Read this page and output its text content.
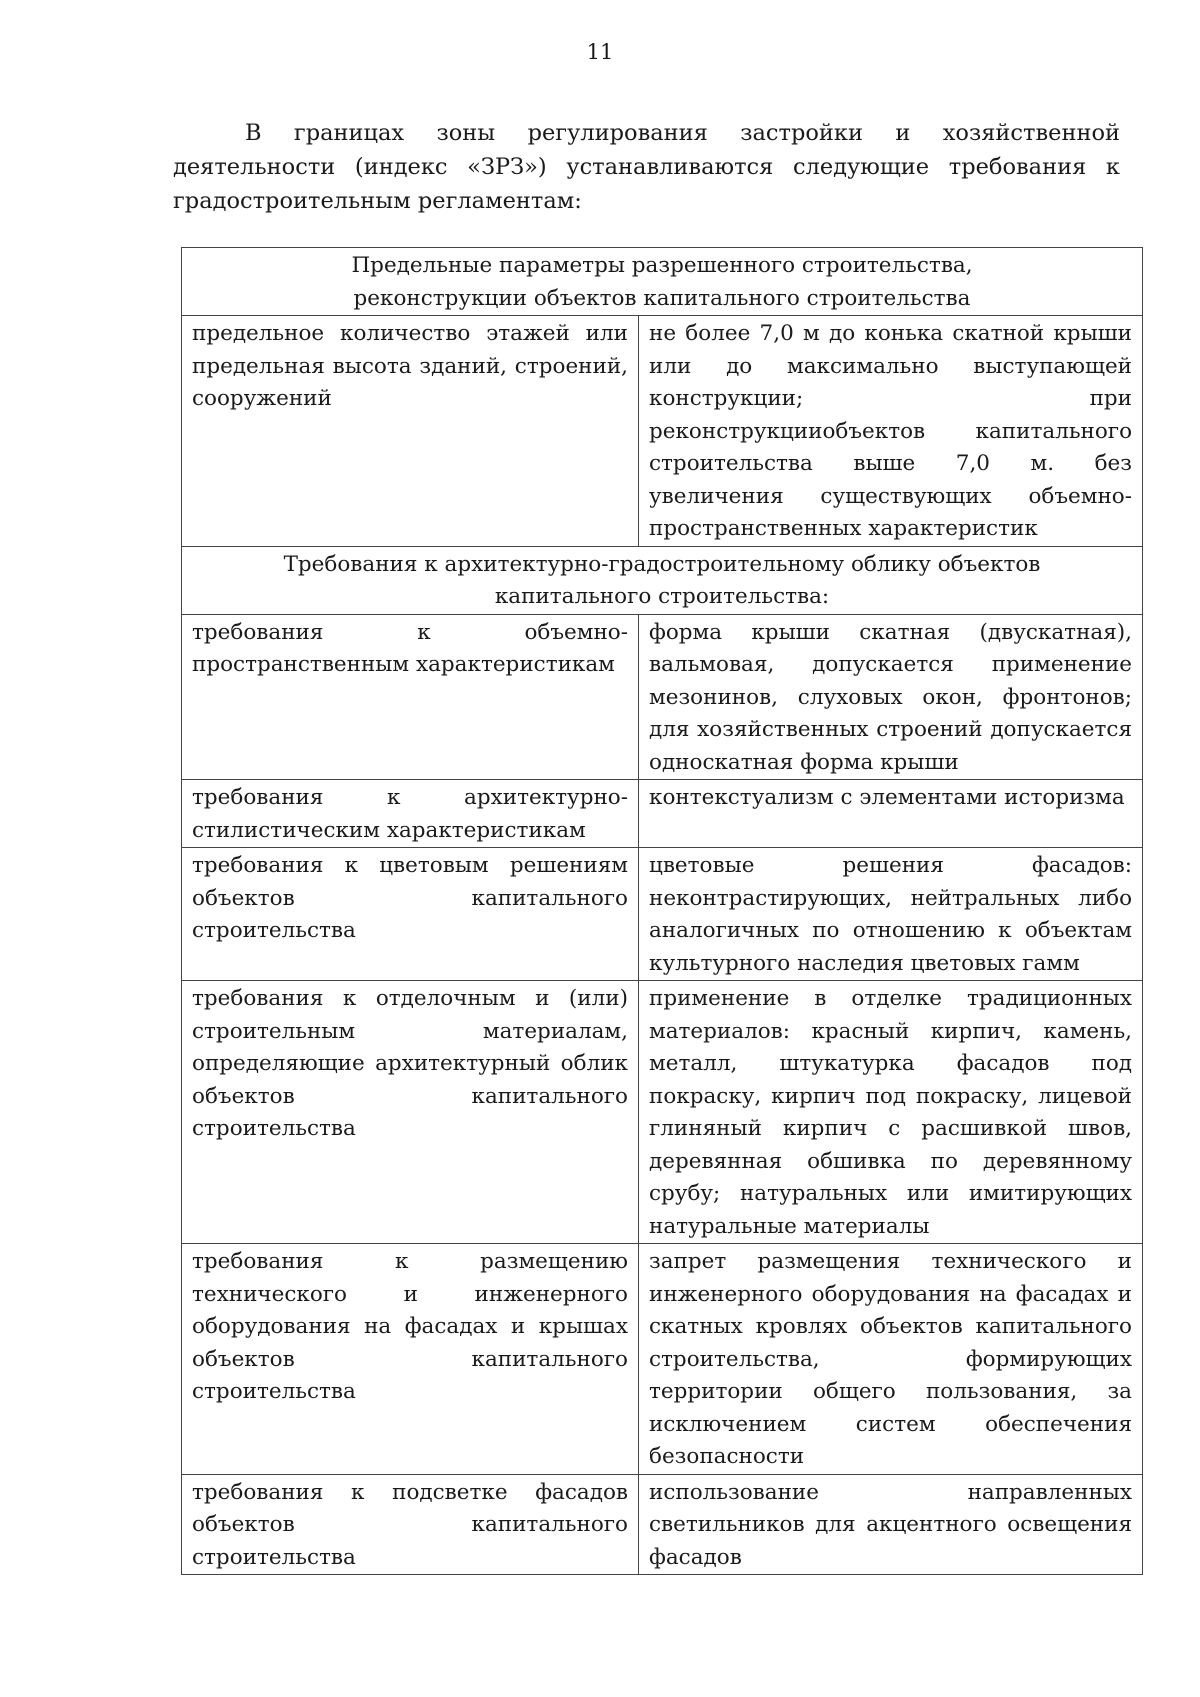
11

В границах зоны регулирования застройки и хозяйственной деятельности (индекс «ЗРЗ») устанавливаются следующие требования к градостроительным регламентам:

Предельные параметры разрешенного строительства,
реконструкции объектов капитального строительства	

предельное количество этажей или предельная высота зданий, строений, сооружений	не более 7,0 м до конька скатной крыши или до максимально выступающей конструкции; при реконструкцииобъектов капитального строительства выше 7,0 м. без увеличения существующих объемно-пространственных характеристик

Требования к архитектурно-градостроительному облику объектов
капитального строительства:	

требования к объемно-пространственным характеристикам	форма крыши скатная (двускатная), вальмовая, допускается применение мезонинов, слуховых окон, фронтонов; для хозяйственных строений допускается односкатная форма крыши
требования к архитектурно-стилистическим характеристикам	контекстуализм с элементами историзма
требования к цветовым решениям объектов капитального строительства	цветовые решения фасадов: неконтрастирующих, нейтральных либо аналогичных по отношению к объектам культурного наследия цветовых гамм
требования к отделочным и (или) строительным материалам, определяющие архитектурный облик объектов капитального строительства	применение в отделке традиционных материалов: красный кирпич, камень, металл, штукатурка фасадов под покраску, кирпич под покраску, лицевой глиняный кирпич с расшивкой швов, деревянная обшивка по деревянному срубу; натуральных или имитирующих натуральные материалы
требования к размещению технического и инженерного оборудования на фасадах и крышах объектов капитального строительства	запрет размещения технического и инженерного оборудования на фасадах и скатных кровлях объектов капитального строительства, формирующих территории общего пользования, за исключением систем обеспечения безопасности
требования к подсветке фасадов объектов капитального строительства	использование направленных светильников для акцентного освещения фасадов
